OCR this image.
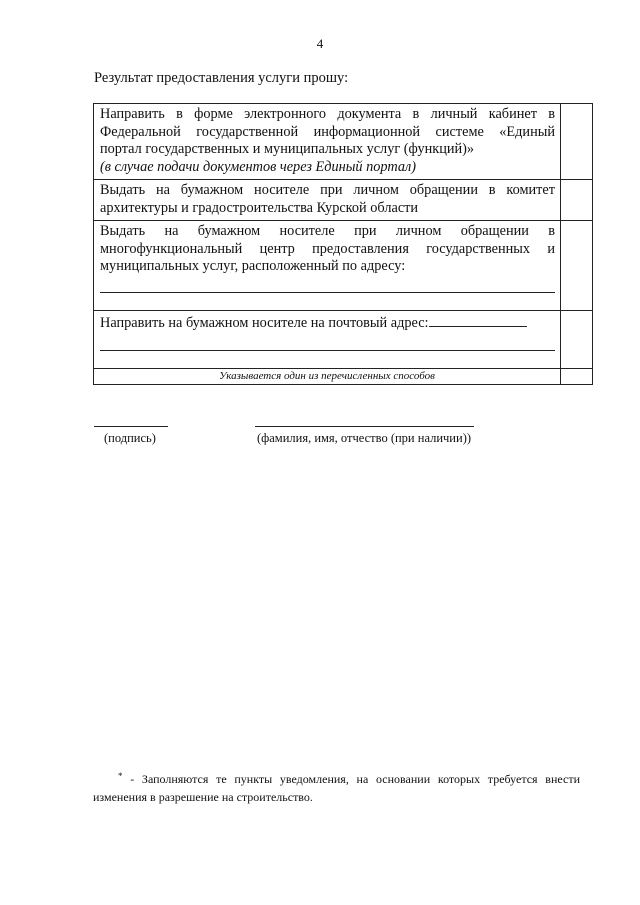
4
Результат предоставления услуги прошу:
Направить в форме электронного документа в личный кабинет в
Федеральной государственной информационной системе «Единый
портал государственных и муниципальных услуг (функций)»
(в случае подачи документов через Единый портал)	

Выдать на бумажном носителе при личном обращении в комитет
архитектуры и градостроительства Курской области	

Выдать на бумажном носителе при личном обращении в
многофункциональный центр предоставления государственных и
муниципальных услуг, расположенный по адресу:	

Направить на бумажном носителе на почтовый адрес:	

Указывается один из перечисленных способов	
(подпись)	(фамилия, имя, отчество (при наличии))
* - Заполняются те пункты уведомления, на основании которых требуется внести изменения в разрешение на строительство.
